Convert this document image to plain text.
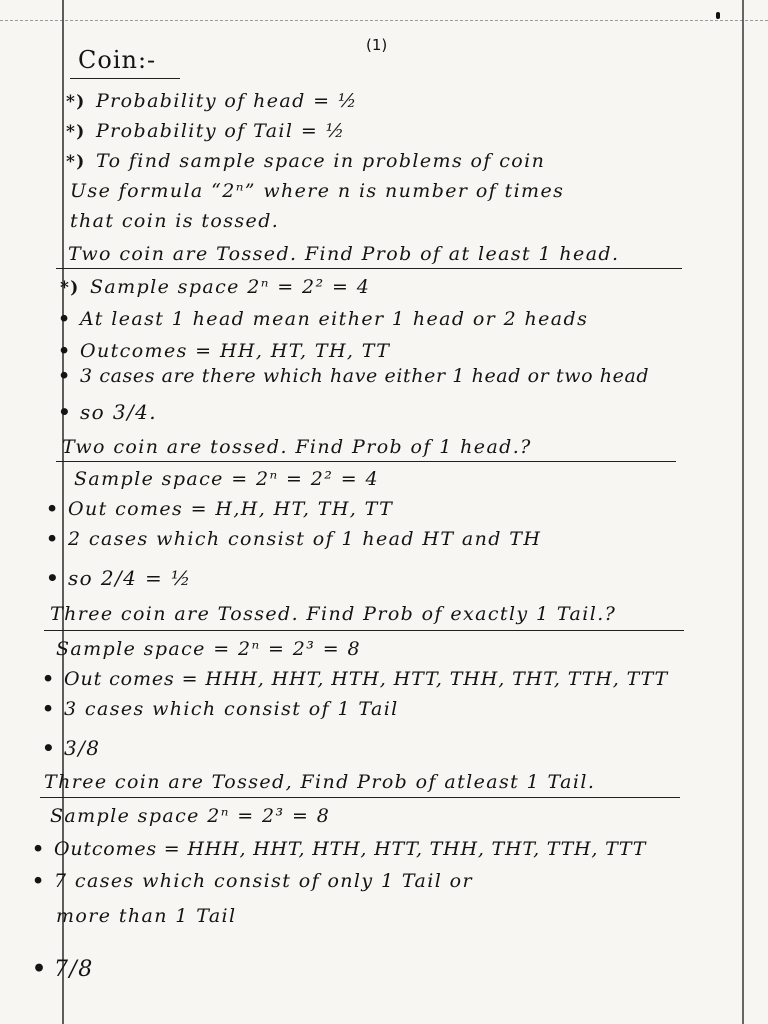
(1)
Coin:-
*) Probability of head = ½
*) Probability of Tail = ½
*) To find sample space in problems of coin
Use formula “2ⁿ” where n is number of times
that coin is tossed.
Two coin are Tossed. Find Prob of at least 1 head.
*) Sample space 2ⁿ = 2² = 4
• At least 1 head mean either 1 head or 2 heads
• Outcomes = HH, HT, TH, TT
• 3 cases are there which have either 1 head or two head
• so 3/4.
Two coin are tossed. Find Prob of 1 head.?
Sample space = 2ⁿ = 2² = 4
• Out comes = H,H, HT, TH, TT
• 2 cases which consist of 1 head HT and TH
• so 2/4 = ½
Three coin are Tossed. Find Prob of exactly 1 Tail.?
Sample space = 2ⁿ = 2³ = 8
• Out comes = HHH, HHT, HTH, HTT, THH, THT, TTH, TTT
• 3 cases which consist of 1 Tail
• 3/8
Three coin are Tossed, Find Prob of atleast 1 Tail.
Sample space 2ⁿ = 2³ = 8
• Outcomes = HHH, HHT, HTH, HTT, THH, THT, TTH, TTT
• 7 cases which consist of only 1 Tail or
more than 1 Tail
• 7/8
